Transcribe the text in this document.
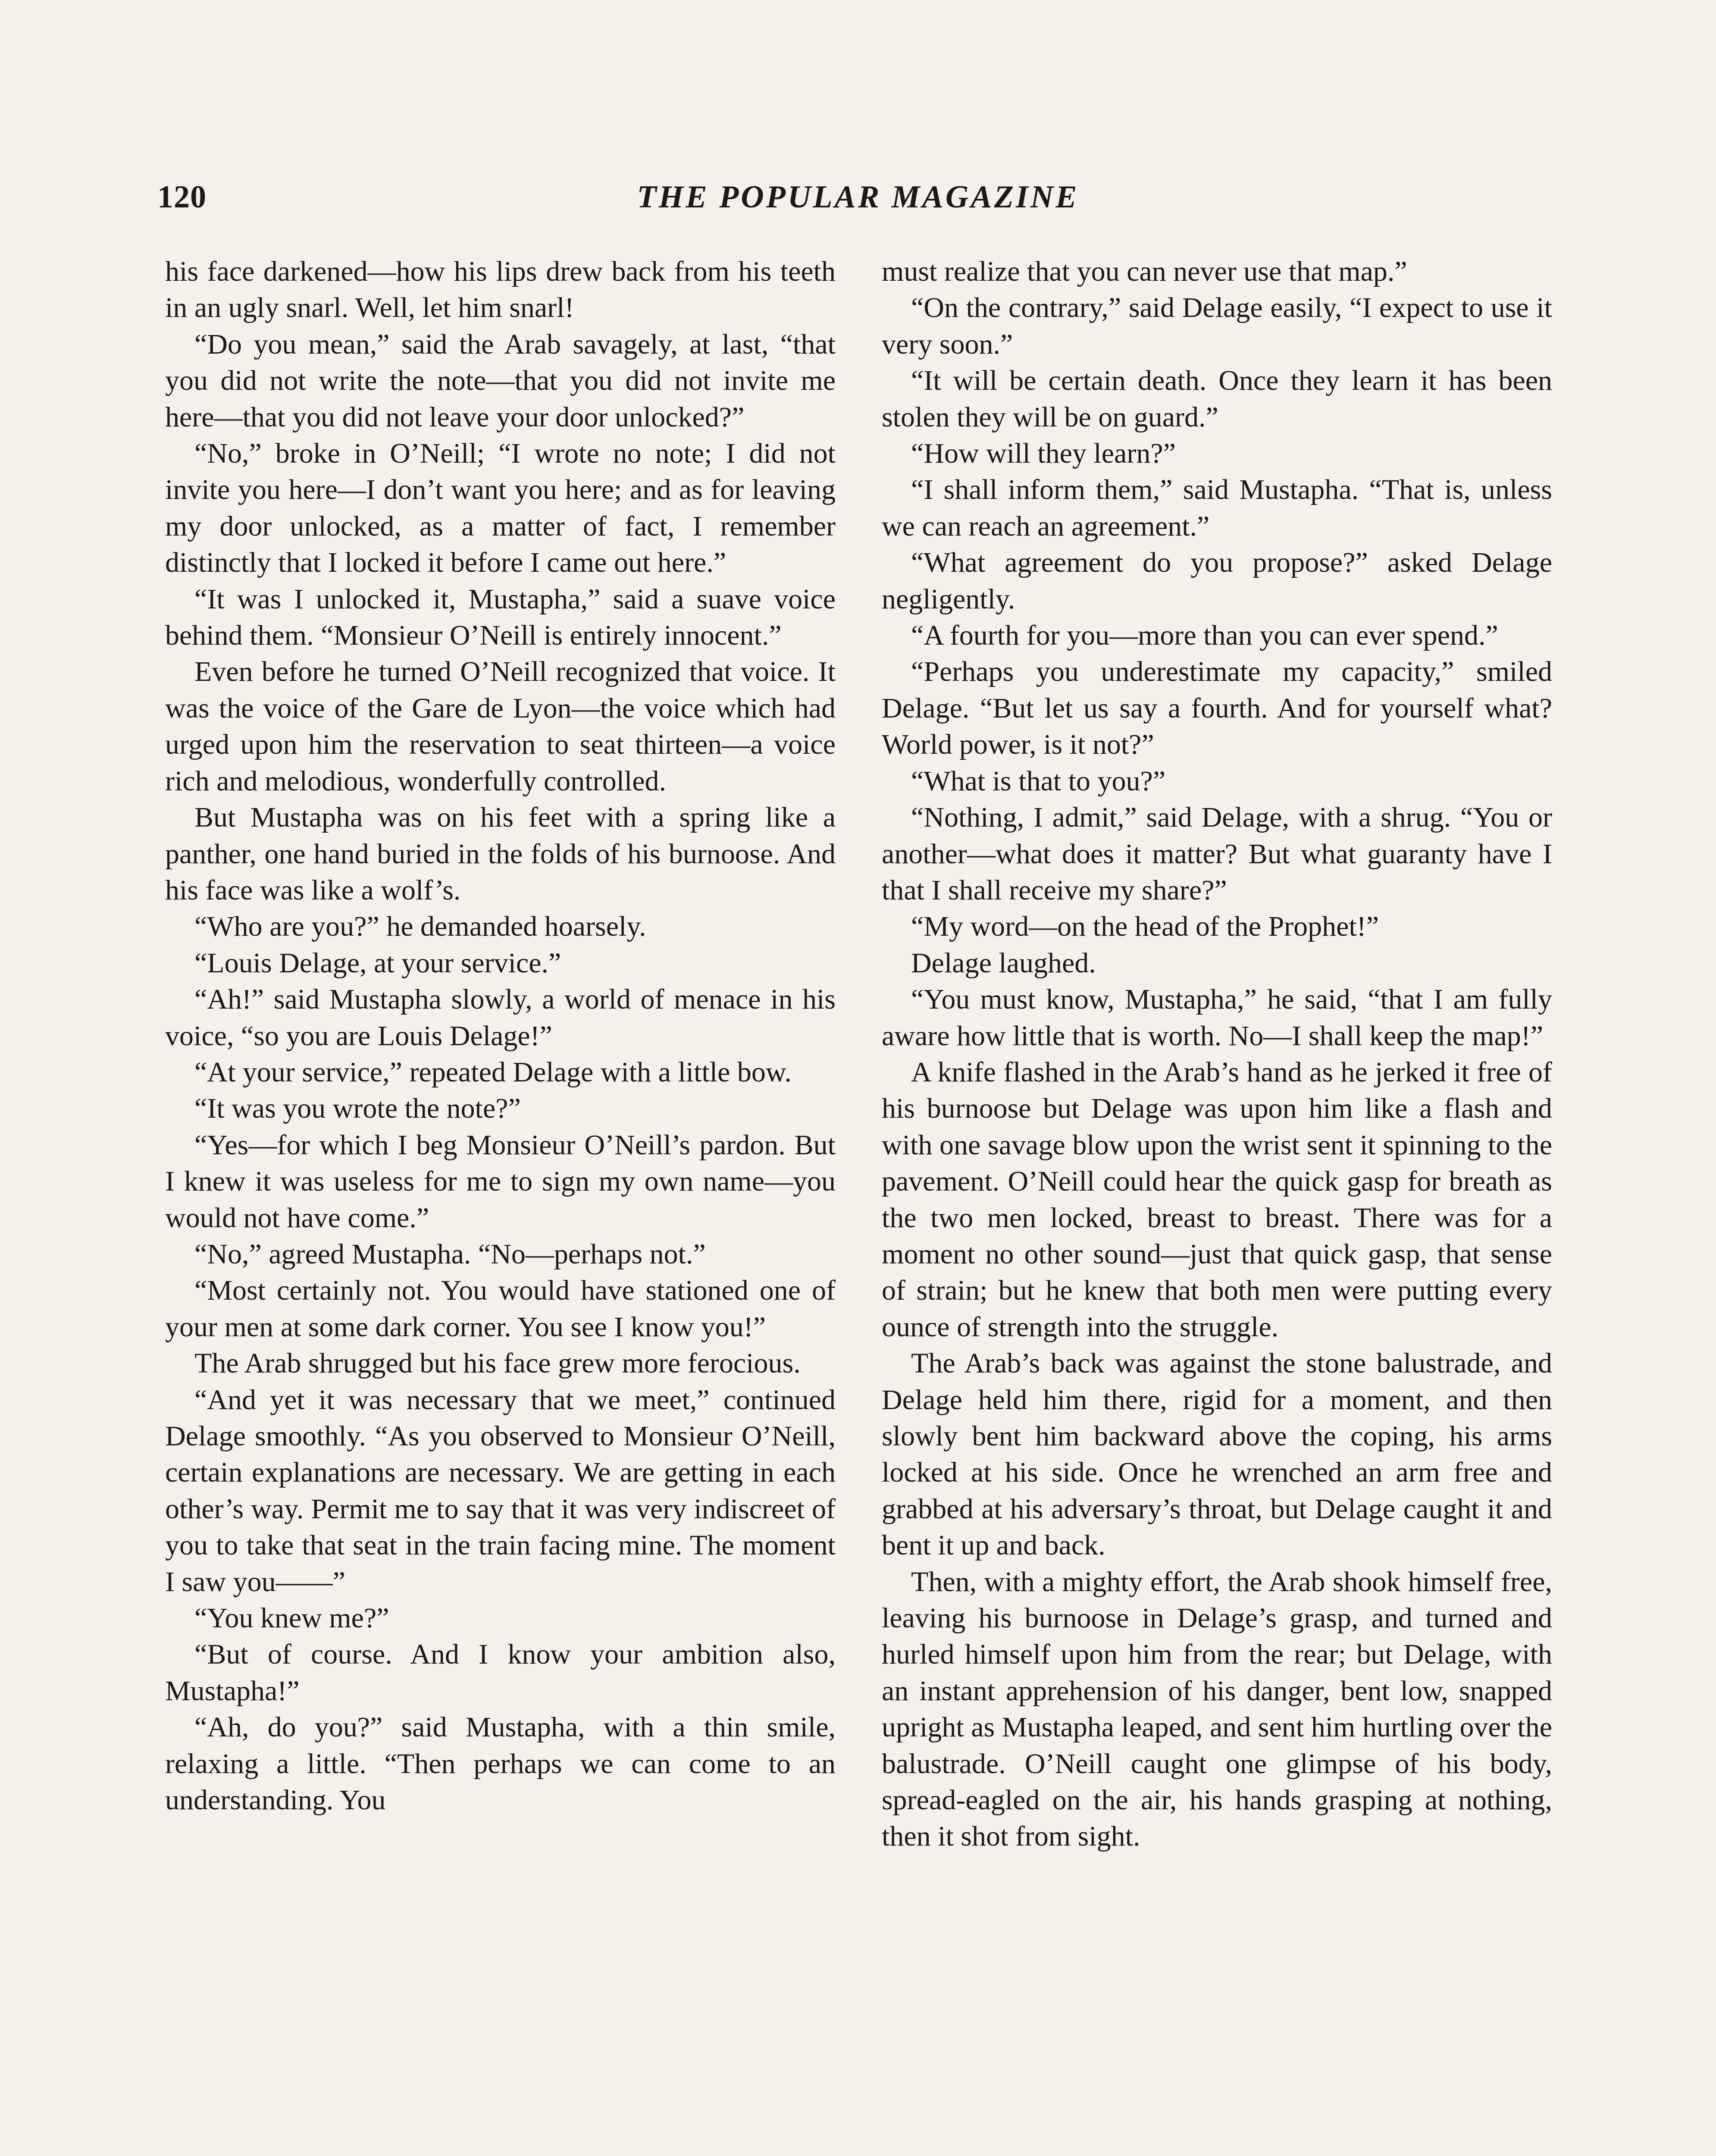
120	THE POPULAR MAGAZINE

his face darkened—how his lips drew back from his teeth in an ugly snarl. Well, let him snarl!

“Do you mean,” said the Arab savagely, at last, “that you did not write the note—that you did not invite me here—that you did not leave your door unlocked?”

“No,” broke in O’Neill; “I wrote no note; I did not invite you here—I don’t want you here; and as for leaving my door unlocked, as a matter of fact, I remember distinctly that I locked it before I came out here.”

“It was I unlocked it, Mustapha,” said a suave voice behind them. “Monsieur O’Neill is entirely innocent.”

Even before he turned O’Neill recognized that voice. It was the voice of the Gare de Lyon—the voice which had urged upon him the reservation to seat thirteen—a voice rich and melodious, wonderfully controlled.

But Mustapha was on his feet with a spring like a panther, one hand buried in the folds of his burnoose. And his face was like a wolf’s.

“Who are you?” he demanded hoarsely.

“Louis Delage, at your service.”

“Ah!” said Mustapha slowly, a world of menace in his voice, “so you are Louis Delage!”

“At your service,” repeated Delage with a little bow.

“It was you wrote the note?”

“Yes—for which I beg Monsieur O’Neill’s pardon. But I knew it was useless for me to sign my own name—you would not have come.”

“No,” agreed Mustapha. “No—perhaps not.”

“Most certainly not. You would have stationed one of your men at some dark corner. You see I know you!”

The Arab shrugged but his face grew more ferocious.

“And yet it was necessary that we meet,” continued Delage smoothly. “As you observed to Monsieur O’Neill, certain explanations are necessary. We are getting in each other’s way. Permit me to say that it was very indiscreet of you to take that seat in the train facing mine. The moment I saw you——”

“You knew me?”

“But of course. And I know your ambition also, Mustapha!”

“Ah, do you?” said Mustapha, with a thin smile, relaxing a little. “Then perhaps we can come to an understanding. You

must realize that you can never use that map.”

“On the contrary,” said Delage easily, “I expect to use it very soon.”

“It will be certain death. Once they learn it has been stolen they will be on guard.”

“How will they learn?”

“I shall inform them,” said Mustapha. “That is, unless we can reach an agreement.”

“What agreement do you propose?” asked Delage negligently.

“A fourth for you—more than you can ever spend.”

“Perhaps you underestimate my capacity,” smiled Delage. “But let us say a fourth. And for yourself what? World power, is it not?”

“What is that to you?”

“Nothing, I admit,” said Delage, with a shrug. “You or another—what does it matter? But what guaranty have I that I shall receive my share?”

“My word—on the head of the Prophet!”

Delage laughed.

“You must know, Mustapha,” he said, “that I am fully aware how little that is worth. No—I shall keep the map!”

A knife flashed in the Arab’s hand as he jerked it free of his burnoose but Delage was upon him like a flash and with one savage blow upon the wrist sent it spinning to the pavement. O’Neill could hear the quick gasp for breath as the two men locked, breast to breast. There was for a moment no other sound—just that quick gasp, that sense of strain; but he knew that both men were putting every ounce of strength into the struggle.

The Arab’s back was against the stone balustrade, and Delage held him there, rigid for a moment, and then slowly bent him backward above the coping, his arms locked at his side. Once he wrenched an arm free and grabbed at his adversary’s throat, but Delage caught it and bent it up and back.

Then, with a mighty effort, the Arab shook himself free, leaving his burnoose in Delage’s grasp, and turned and hurled himself upon him from the rear; but Delage, with an instant apprehension of his danger, bent low, snapped upright as Mustapha leaped, and sent him hurtling over the balustrade. O’Neill caught one glimpse of his body, spread-eagled on the air, his hands grasping at nothing, then it shot from sight.
